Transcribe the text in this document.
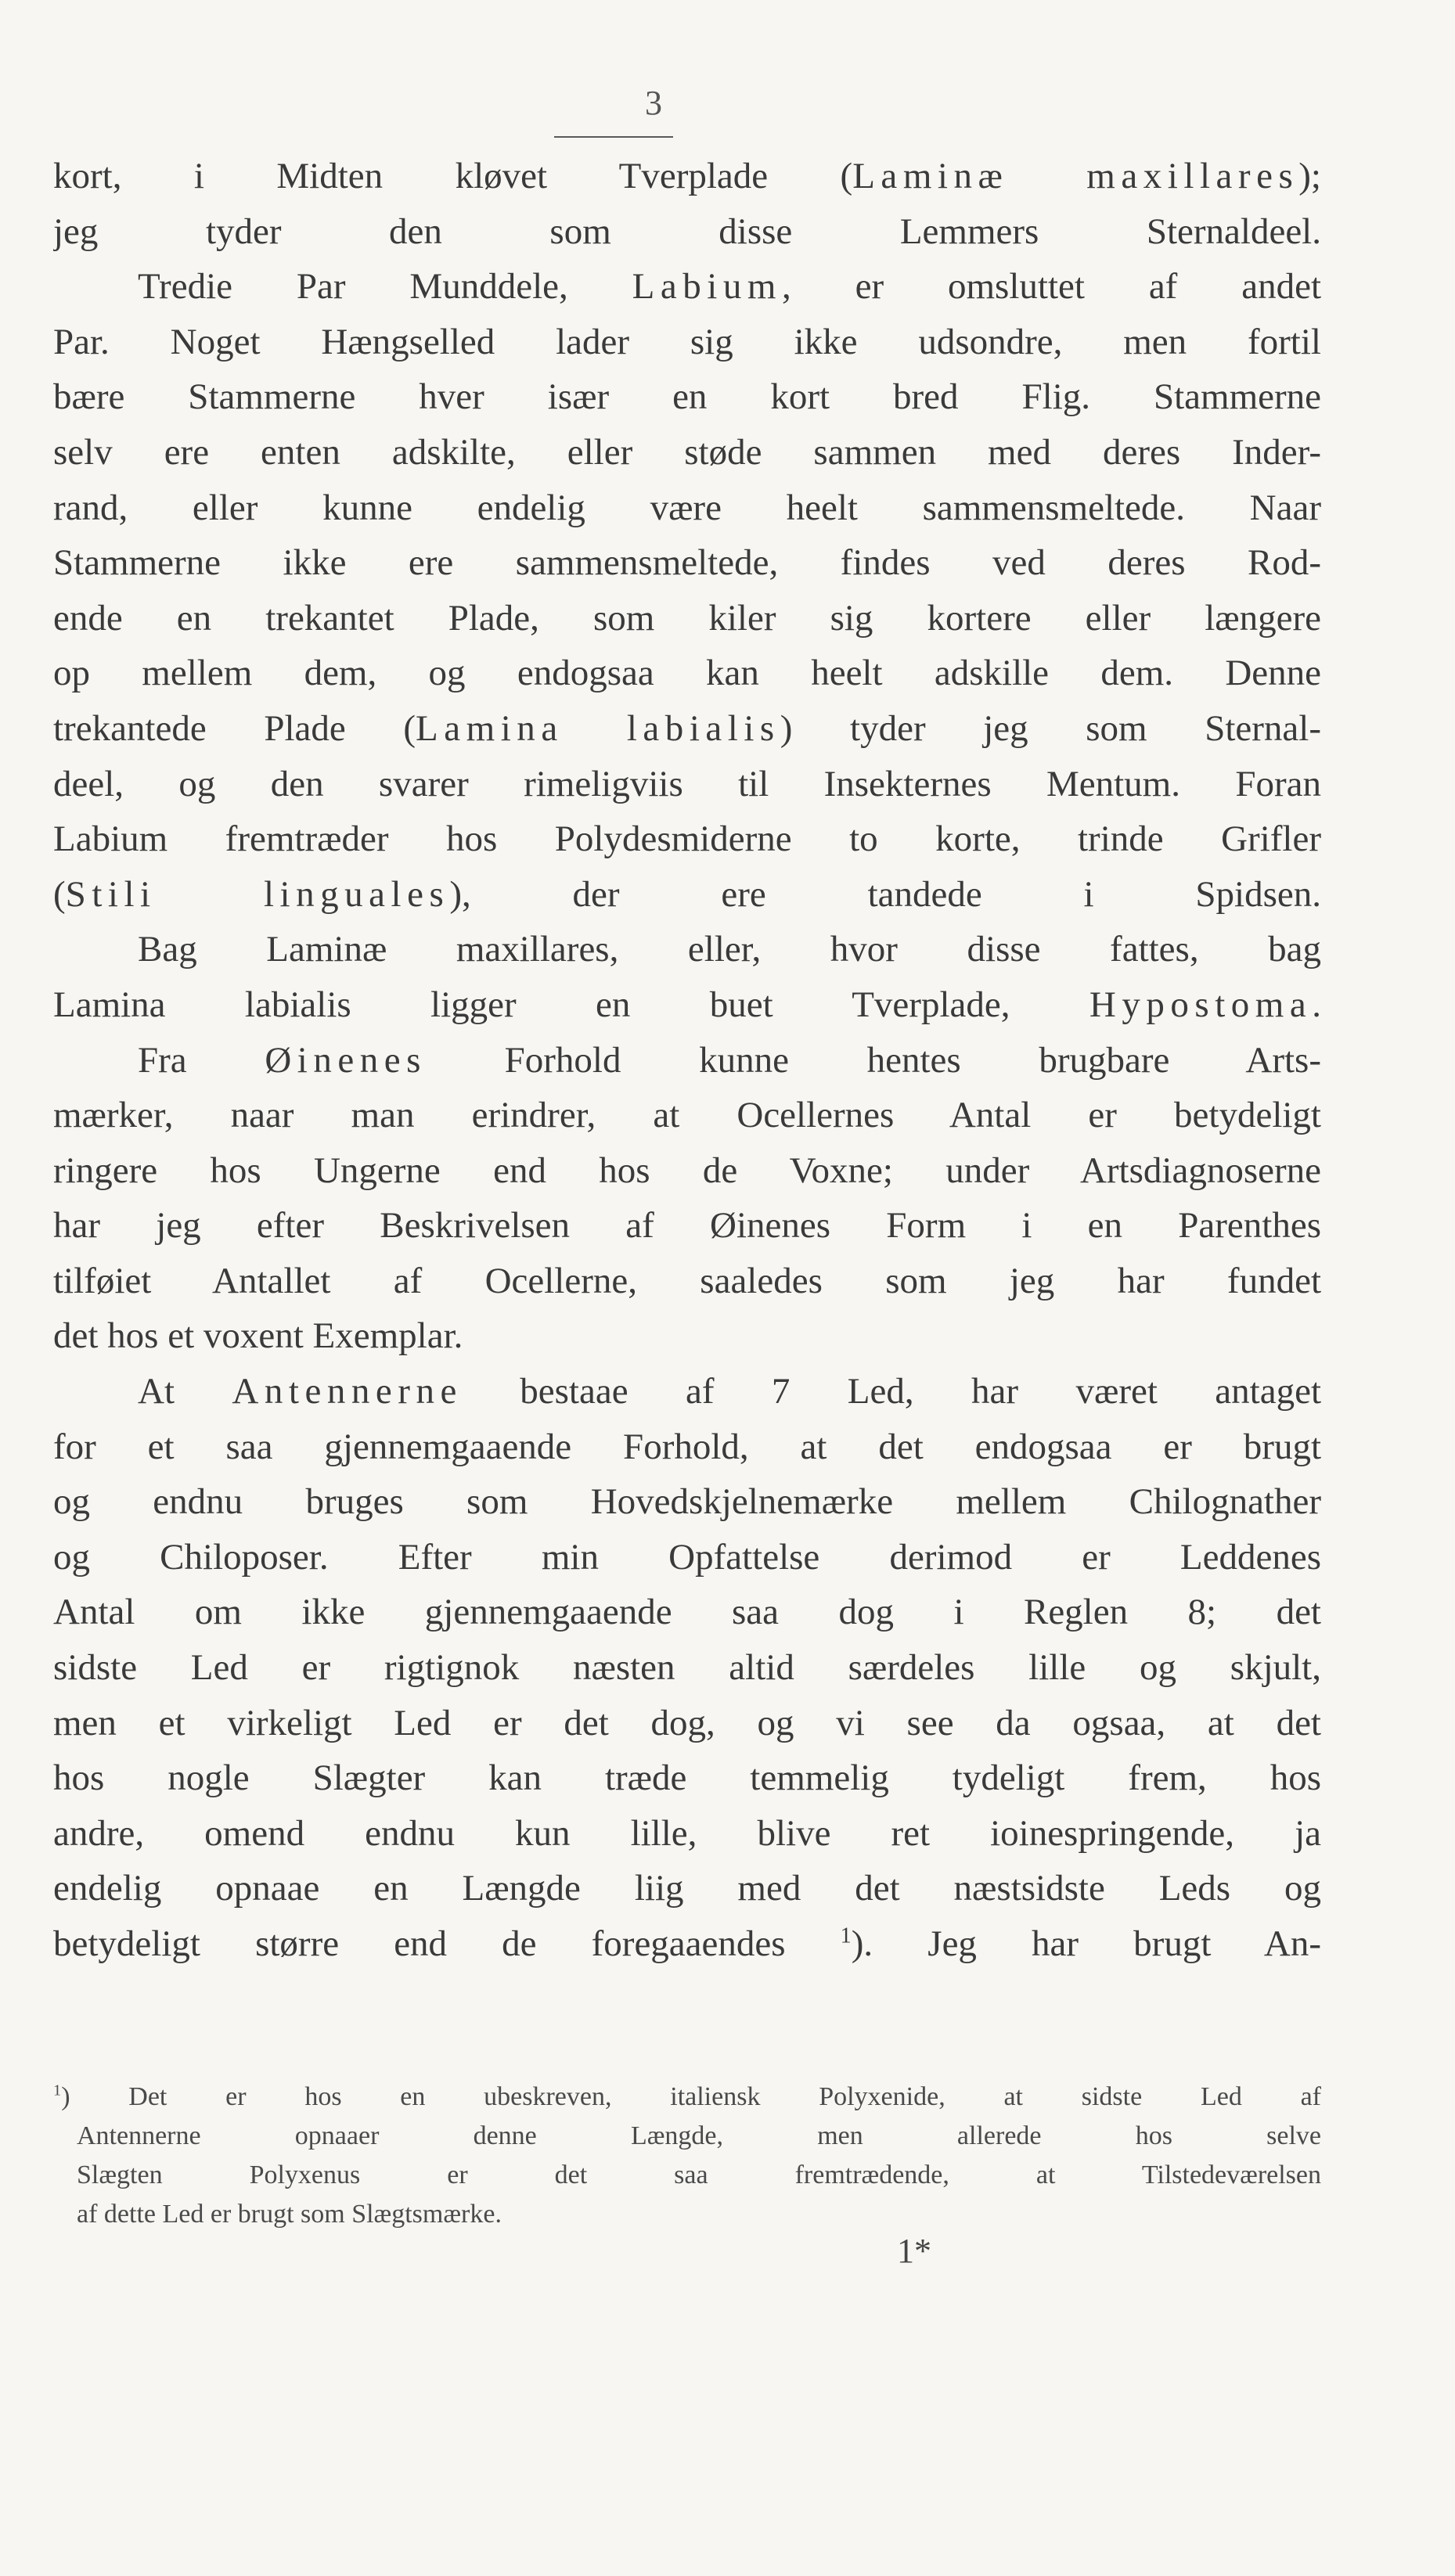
3
kort, i Midten kløvet Tverplade (Laminæ maxillares);
jeg tyder den som disse Lemmers Sternaldeel.
Tredie Par Munddele, Labium, er omsluttet af andet
Par. Noget Hængselled lader sig ikke udsondre, men fortil
bære Stammerne hver især en kort bred Flig. Stammerne
selv ere enten adskilte, eller støde sammen med deres Inder-
rand, eller kunne endelig være heelt sammensmeltede. Naar
Stammerne ikke ere sammensmeltede, findes ved deres Rod-
ende en trekantet Plade, som kiler sig kortere eller længere
op mellem dem, og endogsaa kan heelt adskille dem. Denne
trekantede Plade (Lamina labialis) tyder jeg som Sternal-
deel, og den svarer rimeligviis til Insekternes Mentum. Foran
Labium fremtræder hos Polydesmiderne to korte, trinde Grifler
(Stili linguales), der ere tandede i Spidsen.
Bag Laminæ maxillares, eller, hvor disse fattes, bag
Lamina labialis ligger en buet Tverplade, Hypostoma.
Fra Øinenes Forhold kunne hentes brugbare Arts-
mærker, naar man erindrer, at Ocellernes Antal er betydeligt
ringere hos Ungerne end hos de Voxne; under Artsdiagnoserne
har jeg efter Beskrivelsen af Øinenes Form i en Parenthes
tilføiet Antallet af Ocellerne, saaledes som jeg har fundet
det hos et voxent Exemplar.
At Antennerne bestaae af 7 Led, har været antaget
for et saa gjennemgaaende Forhold, at det endogsaa er brugt
og endnu bruges som Hovedskjelnemærke mellem Chilognather
og Chiloposer. Efter min Opfattelse derimod er Leddenes
Antal om ikke gjennemgaaende saa dog i Reglen 8; det
sidste Led er rigtignok næsten altid særdeles lille og skjult,
men et virkeligt Led er det dog, og vi see da ogsaa, at det
hos nogle Slægter kan træde temmelig tydeligt frem, hos
andre, omend endnu kun lille, blive ret ioinespringende, ja
endelig opnaae en Længde liig med det næstsidste Leds og
betydeligt større end de foregaaendes $^1$). Jeg har brugt An-
$^1$) Det er hos en ubeskreven, italiensk Polyxenide, at sidste Led af
Antennerne opnaaer denne Længde, men allerede hos selve
Slægten Polyxenus er det saa fremtrædende, at Tilstedeværelsen
af dette Led er brugt som Slægtsmærke.
1*
